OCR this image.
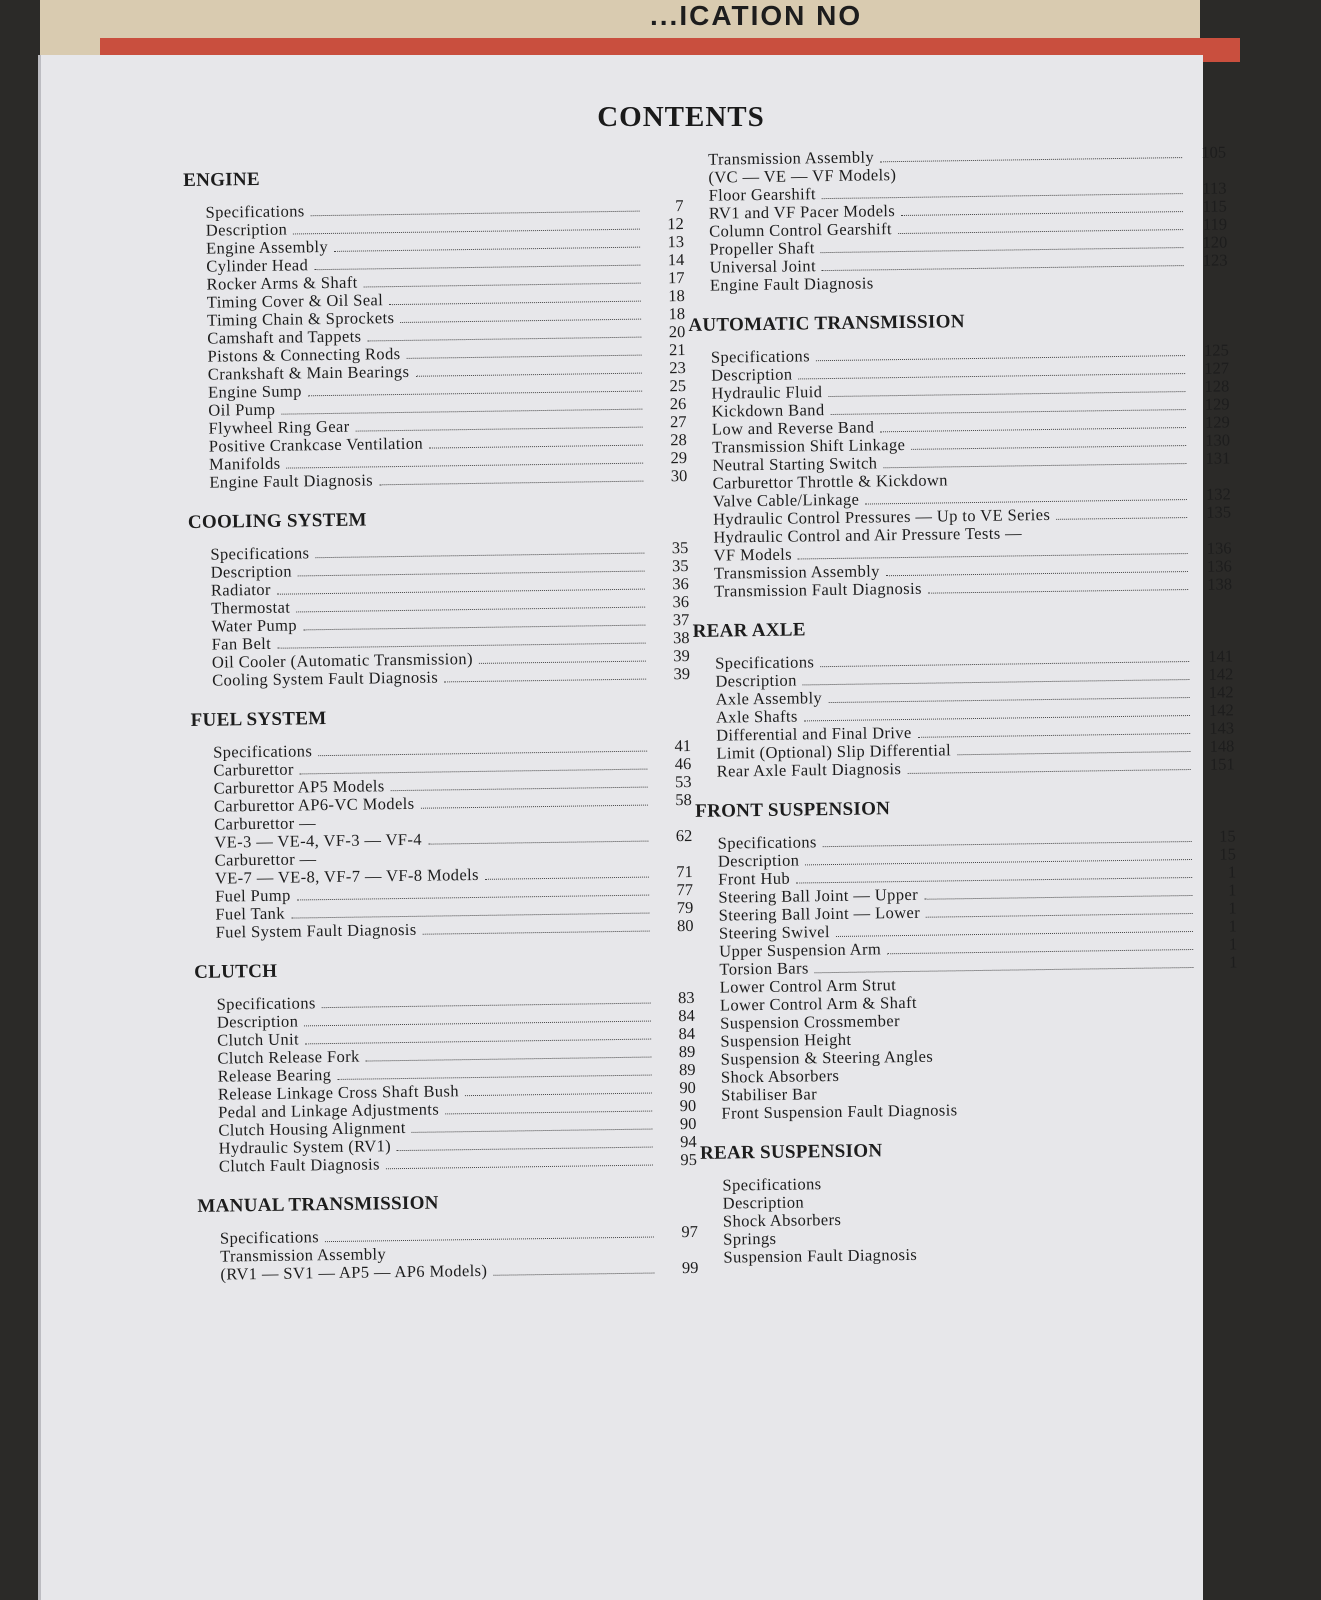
...ICATION NO
CONTENTS
ENGINE
Specifications	7
Description	12
Engine Assembly	13
Cylinder Head	14
Rocker Arms & Shaft	17
Timing Cover & Oil Seal	18
Timing Chain & Sprockets	18
Camshaft and Tappets	20
Pistons & Connecting Rods	21
Crankshaft & Main Bearings	23
Engine Sump	25
Oil Pump	26
Flywheel Ring Gear	27
Positive Crankcase Ventilation	28
Manifolds	29
Engine Fault Diagnosis	30
COOLING SYSTEM
Specifications	35
Description	35
Radiator	36
Thermostat	36
Water Pump	37
Fan Belt	38
Oil Cooler (Automatic Transmission)	39
Cooling System Fault Diagnosis	39
FUEL SYSTEM
Specifications	41
Carburettor	46
Carburettor AP5 Models	53
Carburettor AP6-VC Models	58
Carburettor —
VE-3 — VE-4, VF-3 — VF-4	62
Carburettor —
VE-7 — VE-8, VF-7 — VF-8 Models	71
Fuel Pump	77
Fuel Tank	79
Fuel System Fault Diagnosis	80
CLUTCH
Specifications	83
Description	84
Clutch Unit	84
Clutch Release Fork	89
Release Bearing	89
Release Linkage Cross Shaft Bush	90
Pedal and Linkage Adjustments	90
Clutch Housing Alignment	90
Hydraulic System (RV1)	94
Clutch Fault Diagnosis	95
MANUAL TRANSMISSION
Specifications	97
Transmission Assembly
(RV1 — SV1 — AP5 — AP6 Models)	99
Transmission Assembly	105
(VC — VE — VF Models)
Floor Gearshift	113
RV1 and VF Pacer Models	115
Column Control Gearshift	119
Propeller Shaft	120
Universal Joint	123
Engine Fault Diagnosis
AUTOMATIC TRANSMISSION
Specifications	125
Description	127
Hydraulic Fluid	128
Kickdown Band	129
Low and Reverse Band	129
Transmission Shift Linkage	130
Neutral Starting Switch	131
Carburettor Throttle & Kickdown
Valve Cable/Linkage	132
Hydraulic Control Pressures — Up to VE Series	135
Hydraulic Control and Air Pressure Tests —
VF Models	136
Transmission Assembly	136
Transmission Fault Diagnosis	138
REAR AXLE
Specifications	141
Description	142
Axle Assembly	142
Axle Shafts	142
Differential and Final Drive	143
Limit (Optional) Slip Differential	148
Rear Axle Fault Diagnosis	151
FRONT SUSPENSION
Specifications	15
Description	15
Front Hub	1
Steering Ball Joint — Upper	1
Steering Ball Joint — Lower	1
Steering Swivel	1
Upper Suspension Arm	1
Torsion Bars	1
Lower Control Arm Strut
Lower Control Arm & Shaft
Suspension Crossmember
Suspension Height
Suspension & Steering Angles
Shock Absorbers
Stabiliser Bar
Front Suspension Fault Diagnosis
REAR SUSPENSION
Specifications
Description
Shock Absorbers
Springs
Suspension Fault Diagnosis
